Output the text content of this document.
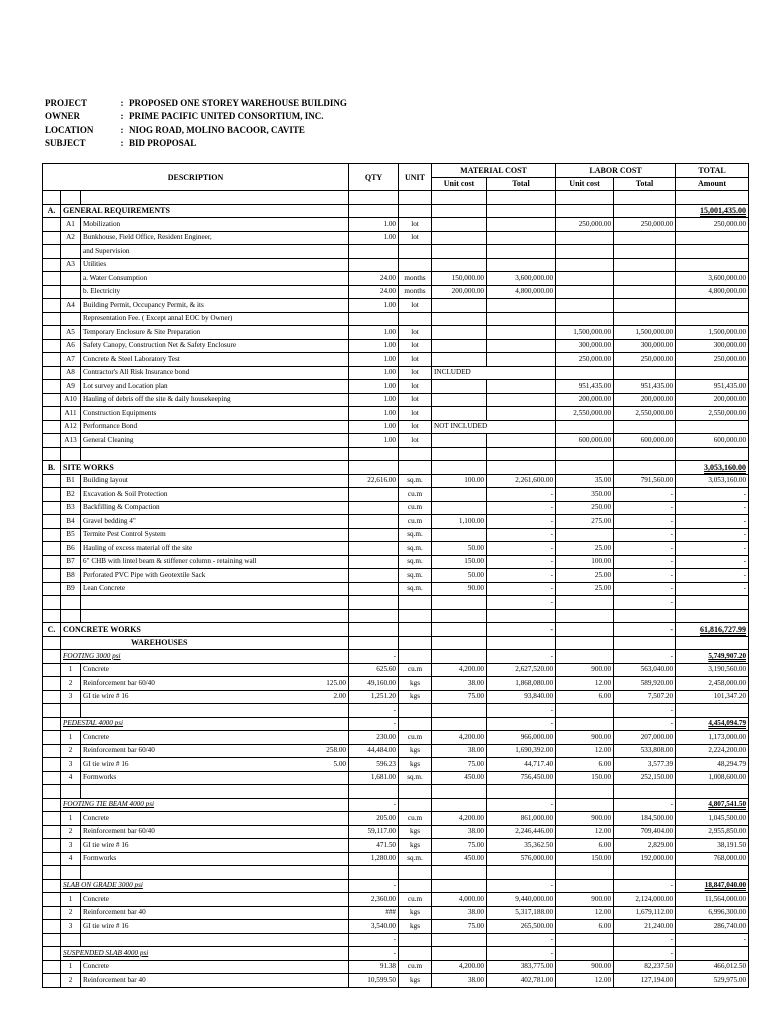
PROJECT	: PROPOSED ONE STOREY WAREHOUSE BUILDING
OWNER	: PRIME PACIFIC UNITED CONSORTIUM, INC.
LOCATION	: NIOG ROAD, MOLINO BACOOR, CAVITE
SUBJECT	: BID PROPOSAL
DESCRIPTION			QTY	UNIT	MATERIAL COST		LABOR COST		TOTAL
					Unit cost	Total	Unit cost	Total	Amount

A.	GENERAL REQUIREMENTS								15,001,435.00
	A1	Mobilization	1.00	lot			250,000.00	250,000.00	250,000.00
	A2	Bunkhouse, Field Office, Resident Engineer,	1.00	lot					
		and Supervision							
	A3	Utilities							
		a. Water Consumption	24.00	months	150,000.00	3,600,000.00			3,600,000.00
		b. Electricity	24.00	months	200,000.00	4,800,000.00			4,800,000.00
	A4	Building Permit, Occupancy Permit, & its	1.00	lot					
		Representation Fee. ( Except annal EOC by Owner)							
	A5	Temporary Enclosure & Site Preparation	1.00	lot			1,500,000.00	1,500,000.00	1,500,000.00
	A6	Safety Canopy, Construction Net & Safety Enclosure	1.00	lot			300,000.00	300,000.00	300,000.00
	A7	Concrete & Steel Laboratory Test	1.00	lot			250,000.00	250,000.00	250,000.00
	A8	Contractor's All Risk Insurance bond	1.00	lot	INCLUDED				
	A9	Lot survey and Location plan	1.00	lot			951,435.00	951,435.00	951,435.00
	A10	Hauling of debris off the site & daily housekeeping	1.00	lot			200,000.00	200,000.00	200,000.00
	A11	Construction Equipments	1.00	lot			2,550,000.00	2,550,000.00	2,550,000.00
	A12	Performance Bond	1.00	lot	NOT INCLUDED				
	A13	General Cleaning	1.00	lot			600,000.00	600,000.00	600,000.00

B.	SITE WORKS								3,053,160.00
	B1	Building layout	22,616.00	sq.m.	100.00	2,261,600.00	35.00	791,560.00	3,053,160.00
	B2	Excavation & Soil Protection		cu.m		-	350.00	-	-
	B3	Backfilling & Compaction		cu.m		-	250.00	-	-
	B4	Gravel bedding 4"		cu.m	1,100.00	-	275.00	-	-
	B5	Termite Pest Control System		sq.m.		-		-	-
	B6	Hauling of excess material off the site		sq.m.	50.00	-	25.00	-	-
	B7	6" CHB with lintel beam & stiffener column - retaining wall		sq.m.	150.00	-	100.00	-	-
	B8	Perforated PVC Pipe with Geotextile Sack		sq.m.	50.00	-	25.00	-	-
	B9	Lean Concrete		sq.m.	90.00	-	25.00	-	-
						-		-	

C.	CONCRETE WORKS					-		-	61,816,727.99
	WAREHOUSES								
	FOOTING 3000 psi		-			-		-	5,749,907.20
	1	Concrete	625.60	cu.m	4,200.00	2,627,520.00	900.00	563,040.00	3,190,560.00
	2	Reinforcement bar 60/40 125.00	49,160.00	kgs	38.00	1,868,080.00	12.00	589,920.00	2,458,000.00
	3	GI tie wire # 16 2.00	1,251.20	kgs	75.00	93,840.00	6.00	7,507.20	101,347.20
			-			-		-	
	PEDESTAL 4000 psi		-			-		-	4,454,094.79
	1	Concrete	230.00	cu.m	4,200.00	966,000.00	900.00	207,000.00	1,173,000.00
	2	Reinforcement bar 60/40 258.00	44,484.00	kgs	38.00	1,690,392.00	12.00	533,808.00	2,224,200.00
	3	GI tie wire # 16 5.00	596.23	kgs	75.00	44,717.40	6.00	3,577.39	48,294.79
	4	Formworks	1,681.00	sq.m.	450.00	756,450.00	150.00	252,150.00	1,008,600.00

	FOOTING TIE BEAM 4000 psi		-			-		-	4,807,541.50
	1	Concrete	205.00	cu.m	4,200.00	861,000.00	900.00	184,500.00	1,045,500.00
	2	Reinforcement bar 60/40	59,117.00	kgs	38.00	2,246,446.00	12.00	709,404.00	2,955,850.00
	3	GI tie wire # 16	471.50	kgs	75.00	35,362.50	6.00	2,829.00	38,191.50
	4	Formworks	1,280.00	sq.m.	450.00	576,000.00	150.00	192,000.00	768,000.00

	SLAB ON GRADE 3000 psi		-			-		-	18,847,040.00
	1	Concrete	2,360.00	cu.m	4,000.00	9,440,000.00	900.00	2,124,000.00	11,564,000.00
	2	Reinforcement bar 40	###	kgs	38.00	5,317,188.00	12.00	1,679,112.00	6,996,300.00
	3	GI tie wire # 16	3,540.00	kgs	75.00	265,500.00	6.00	21,240.00	286,740.00
			-			-		-	-
	SUSPENDED SLAB 4000 psi		-			-		-	
	1	Concrete	91.38	cu.m	4,200.00	383,775.00	900.00	82,237.50	466,012.50
	2	Reinforcement bar 40	10,599.50	kgs	38.00	402,781.00	12.00	127,194.00	529,975.00
